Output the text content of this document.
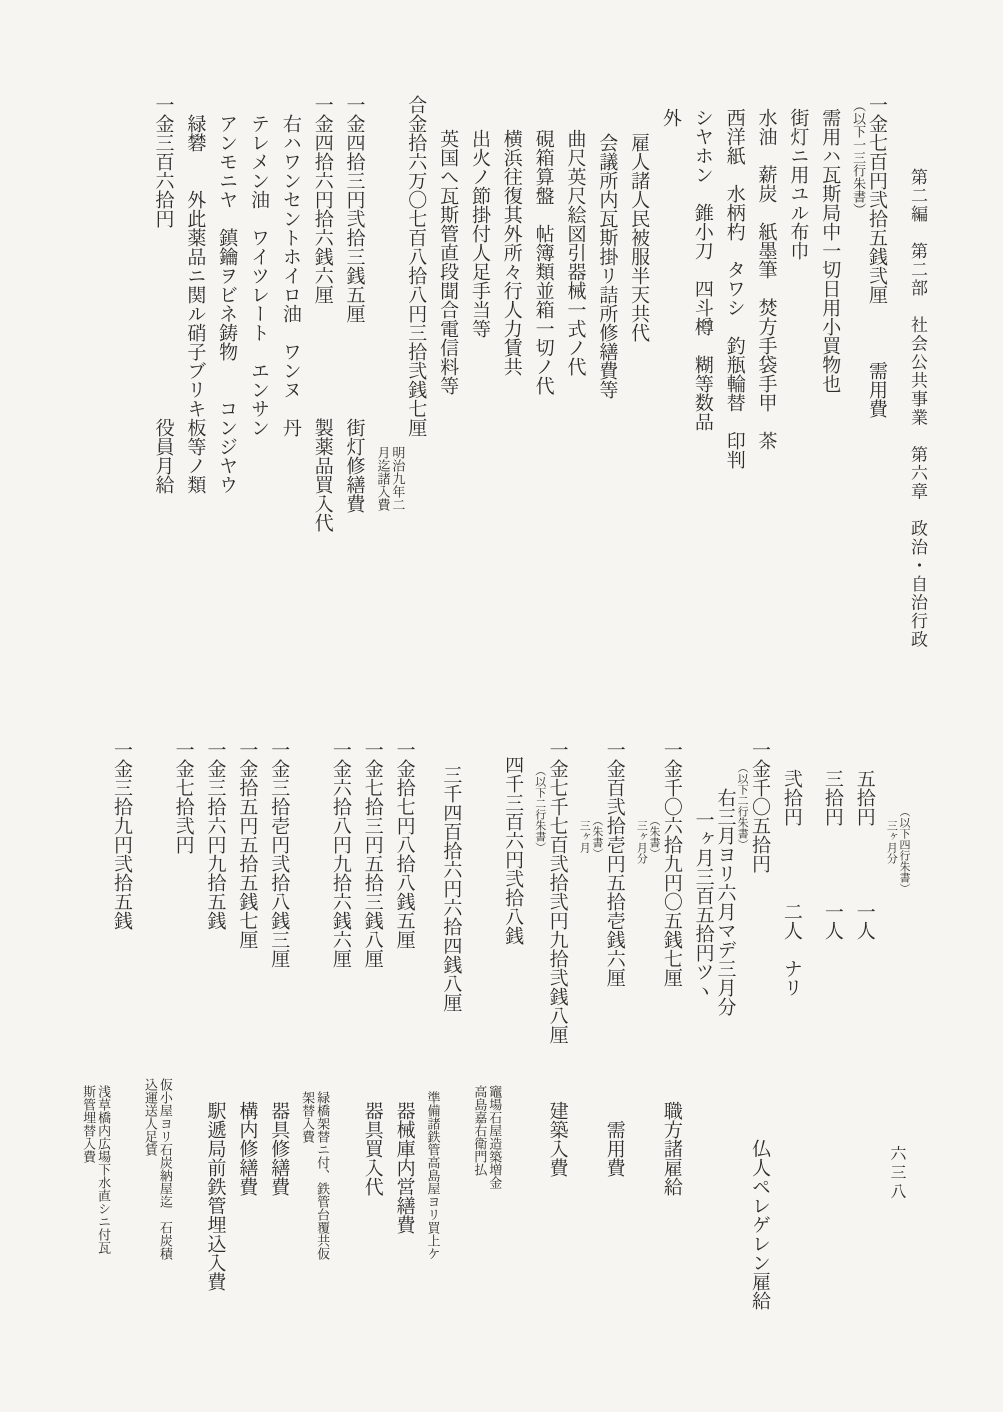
第二編　第二部　社会公共事業　第六章　政治・自治行政
一金七百円弐拾五銭弐厘　　　需用費
（以下一三行朱書）
需用ハ瓦斯局中一切日用小買物也
街灯ニ用ユル布巾
水油　薪炭　紙墨筆　焚方手袋手甲　茶
西洋紙　水柄杓　タワシ　釣瓶輪替　印判
シヤホン　錐小刀　四斗樽　糊等数品
外
雇人諸人民被服半天共代
会議所内瓦斯掛リ詰所修繕費等
曲尺英尺絵図引器械一式ノ代
硯箱算盤　帖簿類並箱一切ノ代
横浜往復其外所々行人力賃共
出火ノ節掛付人足手当等
英国へ瓦斯管直段聞合電信料等
合金拾六万〇七百八拾八円三拾弐銭七厘
明治九年二
月迄諸入費
一金四拾三円弐拾三銭五厘　　　　　街灯修繕費
一金四拾六円拾六銭六厘　　　　　　製薬品買入代
右ハワンセントホイロ油　ワンヌ　丹
テレメン油　ワイツレート　エンサン
アンモニヤ　鎮鑰ヲビネ鋳物　　コンジヤウ
緑礬　　外此薬品ニ関ル硝子ブリキ板等ノ類
一金三百六拾円　　　　　　　　　　役員月給
（以下四行朱書）
三ヶ月分
五拾円　　　　一人
三拾円　　　　一人
弐拾円　　　　二人　ナリ
一金千〇五拾円　　　　　　　　　　　　　　仏人ペレゲレン雇給
（以下二行朱書）
右三月ヨリ六月マデ三月分
一ヶ月三百五拾円ツヽ
一金千〇六拾九円〇五銭七厘　　　　　　職方諸雇給
（朱書）
三ヶ月分
一金百弐拾壱円五拾壱銭六厘　　　　　　　需用費
（朱書）
三ヶ月
一金七千七百弐拾弐円九拾弐銭八厘　　　建築入費
（以下二行朱書）
四千三百六円弐拾八銭
竈場石屋造築増金
高島嘉右衛門払
三千四百拾六円六拾四銭八厘
準備諸鉄管高島屋ヨリ買上ケ
一金拾七円八拾八銭五厘　　　　　　　　器械庫内営繕費
一金七拾三円五拾三銭八厘　　　　　　　器具買入代
一金六拾八円九拾六銭六厘
緑橋架替ニ付、鉄管台覆共仮
架替入費
一金三拾壱円弐拾八銭三厘　　　　　　　器具修繕費
一金拾五円五拾五銭七厘　　　　　　　　構内修繕費
一金三拾六円九拾五銭　　　　　　　　　駅遞局前鉄管埋込入費
一金七拾弐円
仮小屋ヨリ石炭納屋迄　石炭積
込運送人足賃
一金三拾九円弐拾五銭
浅草橋内広場下水直シニ付瓦
斯管埋替入費
六三八
